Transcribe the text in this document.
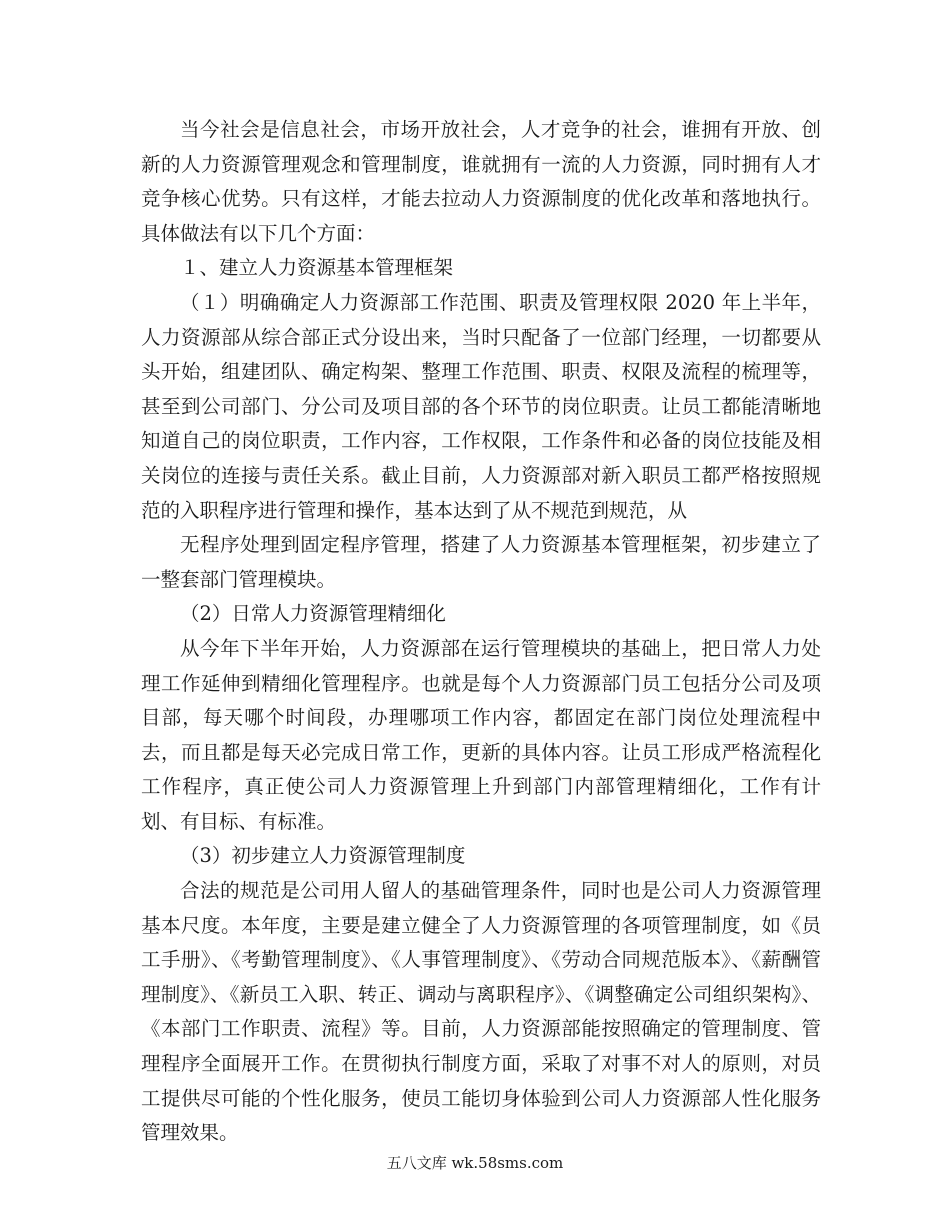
当今社会是信息社会，市场开放社会，人才竞争的社会，谁拥有开放、创新的人力资源管理观念和管理制度，谁就拥有一流的人力资源，同时拥有人才竞争核心优势。只有这样，才能去拉动人力资源制度的优化改革和落地执行。具体做法有以下几个方面：

１、建立人力资源基本管理框架

（１）明确确定人力资源部工作范围、职责及管理权限 2020 年上半年，人力资源部从综合部正式分设出来，当时只配备了一位部门经理，一切都要从头开始，组建团队、确定构架、整理工作范围、职责、权限及流程的梳理等，甚至到公司部门、分公司及项目部的各个环节的岗位职责。让员工都能清晰地知道自己的岗位职责，工作内容，工作权限，工作条件和必备的岗位技能及相关岗位的连接与责任关系。截止目前，人力资源部对新入职员工都严格按照规范的入职程序进行管理和操作，基本达到了从不规范到规范，从

无程序处理到固定程序管理，搭建了人力资源基本管理框架，初步建立了一整套部门管理模块。

（2）日常人力资源管理精细化

从今年下半年开始，人力资源部在运行管理模块的基础上，把日常人力处理工作延伸到精细化管理程序。也就是每个人力资源部门员工包括分公司及项目部，每天哪个时间段，办理哪项工作内容，都固定在部门岗位处理流程中去，而且都是每天必完成日常工作，更新的具体内容。让员工形成严格流程化工作程序，真正使公司人力资源管理上升到部门内部管理精细化，工作有计划、有目标、有标准。

（3）初步建立人力资源管理制度

合法的规范是公司用人留人的基础管理条件，同时也是公司人力资源管理基本尺度。本年度，主要是建立健全了人力资源管理的各项管理制度，如《员工手册》、《考勤管理制度》、《人事管理制度》、《劳动合同规范版本》、《薪酬管理制度》、《新员工入职、转正、调动与离职程序》、《调整确定公司组织架构》、《本部门工作职责、流程》等。目前，人力资源部能按照确定的管理制度、管理程序全面展开工作。在贯彻执行制度方面，采取了对事不对人的原则，对员工提供尽可能的个性化服务，使员工能切身体验到公司人力资源部人性化服务管理效果。

五八文库 wk.58sms.com
